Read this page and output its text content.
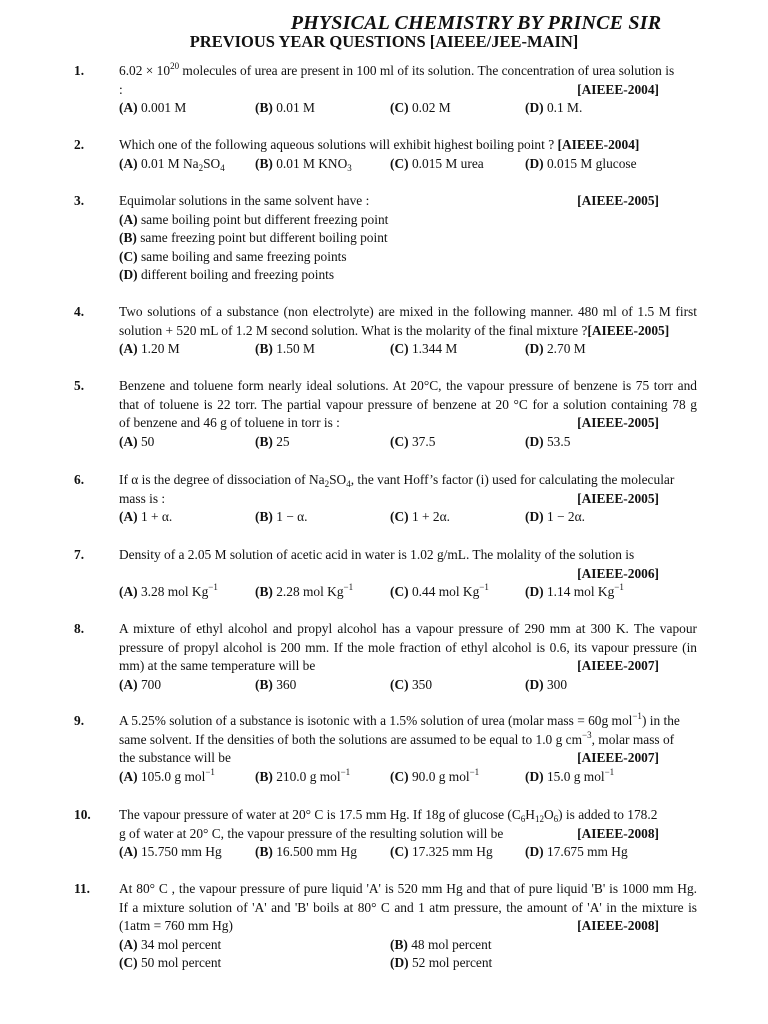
PHYSICAL CHEMISTRY BY PRINCE SIR
PREVIOUS YEAR QUESTIONS [AIEEE/JEE-MAIN]
1.	$6.02 \times 10^{20}$ molecules of urea are present in 100 ml of its solution. The concentration of urea solution is
:	[AIEEE-2004]
(A) 0.001 M	(B) 0.01 M	(C) 0.02 M	(D) 0.1 M.
2.	Which one of the following aqueous solutions will exhibit highest boiling point ? [AIEEE-2004]
(A) 0.01 M $Na_2SO_4$ (B) 0.01 M $KNO_3$	(C) 0.015 M urea	(D) 0.015 M glucose
3.	Equimolar solutions in the same solvent have :	[AIEEE-2005]
(A) same boiling point but different freezing point
(B) same freezing point but different boiling point
(C) same boiling and same freezing points
(D) different boiling and freezing points
4.	Two solutions of a substance (non electrolyte) are mixed in the following manner. 480 ml of 1.5 M first
solution + 520 mL of 1.2 M second solution. What is the molarity of the final mixture ?[AIEEE-2005]
(A) 1.20 M	(B) 1.50 M	(C) 1.344 M	(D) 2.70 M
5.	Benzene and toluene form nearly ideal solutions. At 20°C, the vapour pressure of benzene is 75 torr and
that of toluene is 22 torr. The partial vapour pressure of benzene at 20 °C for a solution containing 78 g
of benzene and 46 g of toluene in torr is :	[AIEEE-2005]
(A) 50	(B) 25	(C) 37.5	(D) 53.5
6.	If α is the degree of dissociation of $Na_2SO_4$, the vant Hoff’s factor (i) used for calculating the molecular
mass is :	[AIEEE-2005]
(A) 1 + α.	(B) 1 − α.	(C) 1 + 2α.	(D) 1 − 2α.
7.	Density of a 2.05 M solution of acetic acid in water is 1.02 g/mL. The molality of the solution is
[AIEEE-2006]
(A) 3.28 mol $Kg^{-1}$	(B) 2.28 mol $Kg^{-1}$	(C) 0.44 mol $Kg^{-1}$	(D) 1.14 mol $Kg^{-1}$
8.	A mixture of ethyl alcohol and propyl alcohol has a vapour pressure of 290 mm at 300 K. The vapour
pressure of propyl alcohol is 200 mm. If the mole fraction of ethyl alcohol is 0.6, its vapour pressure (in
mm) at the same temperature will be	[AIEEE-2007]
(A) 700	(B) 360	(C) 350	(D) 300
9.	A 5.25% solution of a substance is isotonic with a 1.5% solution of urea (molar mass = 60g mol$^{-1}$) in the
same solvent. If the densities of both the solutions are assumed to be equal to 1.0 g $cm^{-3}$, molar mass of
the substance will be	[AIEEE-2007]
(A) 105.0 g mol$^{-1}$	(B) 210.0 g mol$^{-1}$	(C) 90.0 g mol$^{-1}$	(D) 15.0 g mol$^{-1}$
10.	The vapour pressure of water at 20° C is 17.5 mm Hg. If 18g of glucose $(C_6H_{12}O_6)$ is added to 178.2
g of water at 20° C, the vapour pressure of the resulting solution will be	[AIEEE-2008]
(A) 15.750 mm Hg (B) 16.500 mm Hg (C) 17.325 mm Hg (D) 17.675 mm Hg
11.	At 80° C , the vapour pressure of pure liquid 'A' is 520 mm Hg and that of pure liquid 'B' is 1000 mm Hg.
If a mixture solution of 'A' and 'B' boils at 80° C and 1 atm pressure, the amount of 'A' in the mixture is
(1atm = 760 mm Hg)	[AIEEE-2008]
(A) 34 mol percent	(B) 48 mol percent
(C) 50 mol percent	(D) 52 mol percent
